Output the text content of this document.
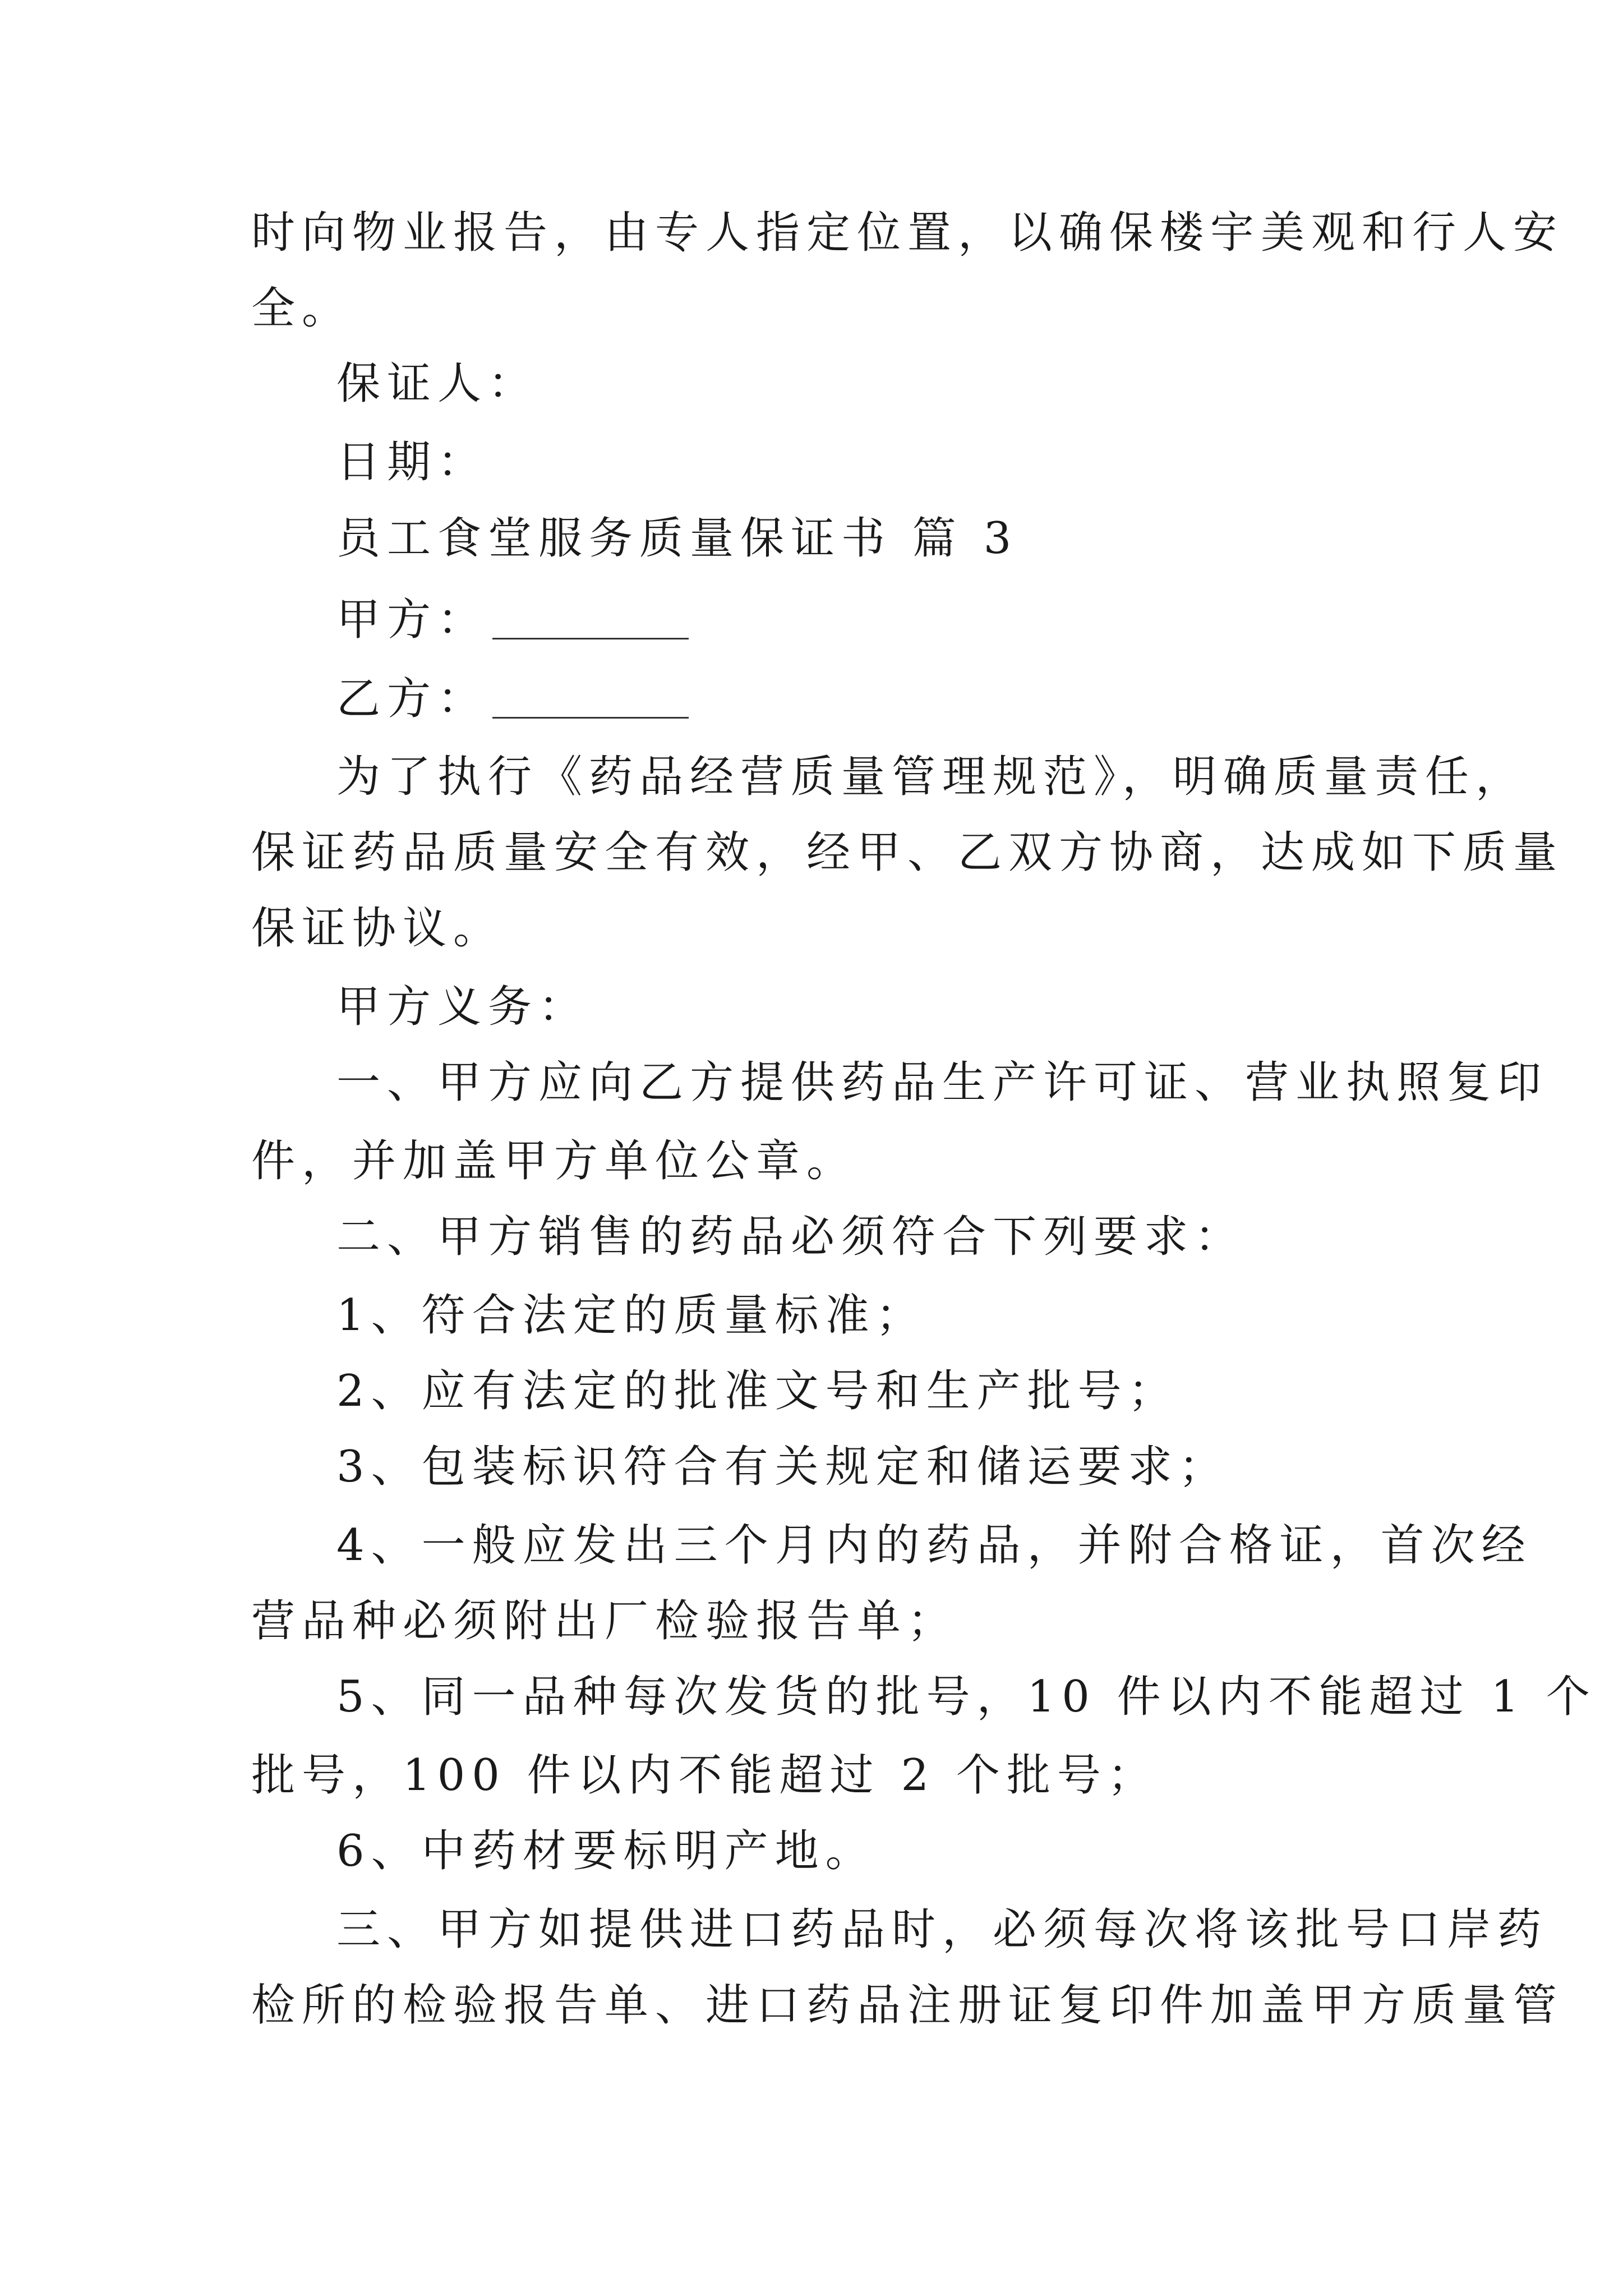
时向物业报告，由专人指定位置，以确保楼宇美观和行人安
全。
保证人：
日期：
员工食堂服务质量保证书 篇 3
甲方：
乙方：
为了执行《药品经营质量管理规范》，明确质量责任，
保证药品质量安全有效，经甲、乙双方协商，达成如下质量
保证协议。
甲方义务：
一、甲方应向乙方提供药品生产许可证、营业执照复印
件，并加盖甲方单位公章。
二、甲方销售的药品必须符合下列要求：
1、符合法定的质量标准；
2、应有法定的批准文号和生产批号；
3、包装标识符合有关规定和储运要求；
4、一般应发出三个月内的药品，并附合格证，首次经
营品种必须附出厂检验报告单；
5、同一品种每次发货的批号，10 件以内不能超过 1 个
批号，100 件以内不能超过 2 个批号；
6、中药材要标明产地。
三、甲方如提供进口药品时，必须每次将该批号口岸药
检所的检验报告单、进口药品注册证复印件加盖甲方质量管
